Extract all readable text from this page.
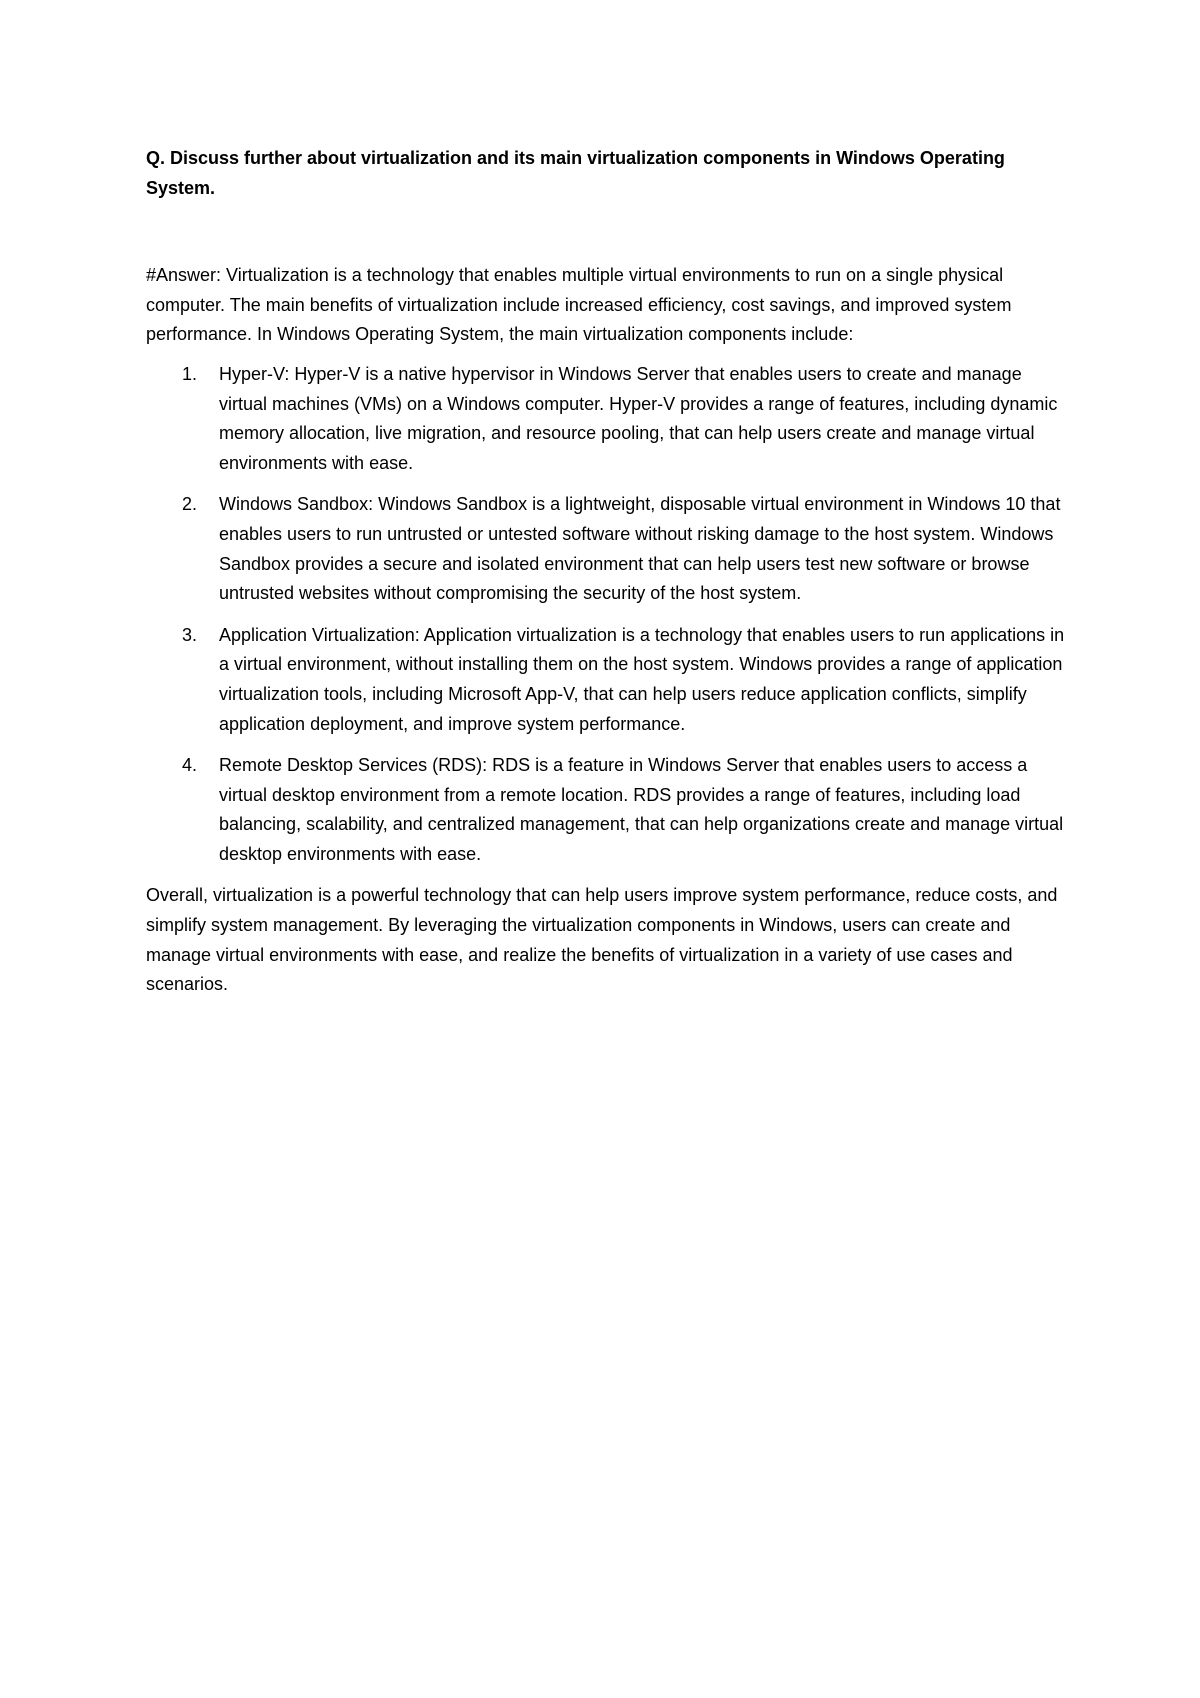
Q. Discuss further about virtualization and its main virtualization components in Windows Operating System.

#Answer: Virtualization is a technology that enables multiple virtual environments to run on a single physical computer. The main benefits of virtualization include increased efficiency, cost savings, and improved system performance. In Windows Operating System, the main virtualization components include:

1. Hyper-V: Hyper-V is a native hypervisor in Windows Server that enables users to create and manage virtual machines (VMs) on a Windows computer. Hyper-V provides a range of features, including dynamic memory allocation, live migration, and resource pooling, that can help users create and manage virtual environments with ease.
2. Windows Sandbox: Windows Sandbox is a lightweight, disposable virtual environment in Windows 10 that enables users to run untrusted or untested software without risking damage to the host system. Windows Sandbox provides a secure and isolated environment that can help users test new software or browse untrusted websites without compromising the security of the host system.
3. Application Virtualization: Application virtualization is a technology that enables users to run applications in a virtual environment, without installing them on the host system. Windows provides a range of application virtualization tools, including Microsoft App-V, that can help users reduce application conflicts, simplify application deployment, and improve system performance.
4. Remote Desktop Services (RDS): RDS is a feature in Windows Server that enables users to access a virtual desktop environment from a remote location. RDS provides a range of features, including load balancing, scalability, and centralized management, that can help organizations create and manage virtual desktop environments with ease.

Overall, virtualization is a powerful technology that can help users improve system performance, reduce costs, and simplify system management. By leveraging the virtualization components in Windows, users can create and manage virtual environments with ease, and realize the benefits of virtualization in a variety of use cases and scenarios.
